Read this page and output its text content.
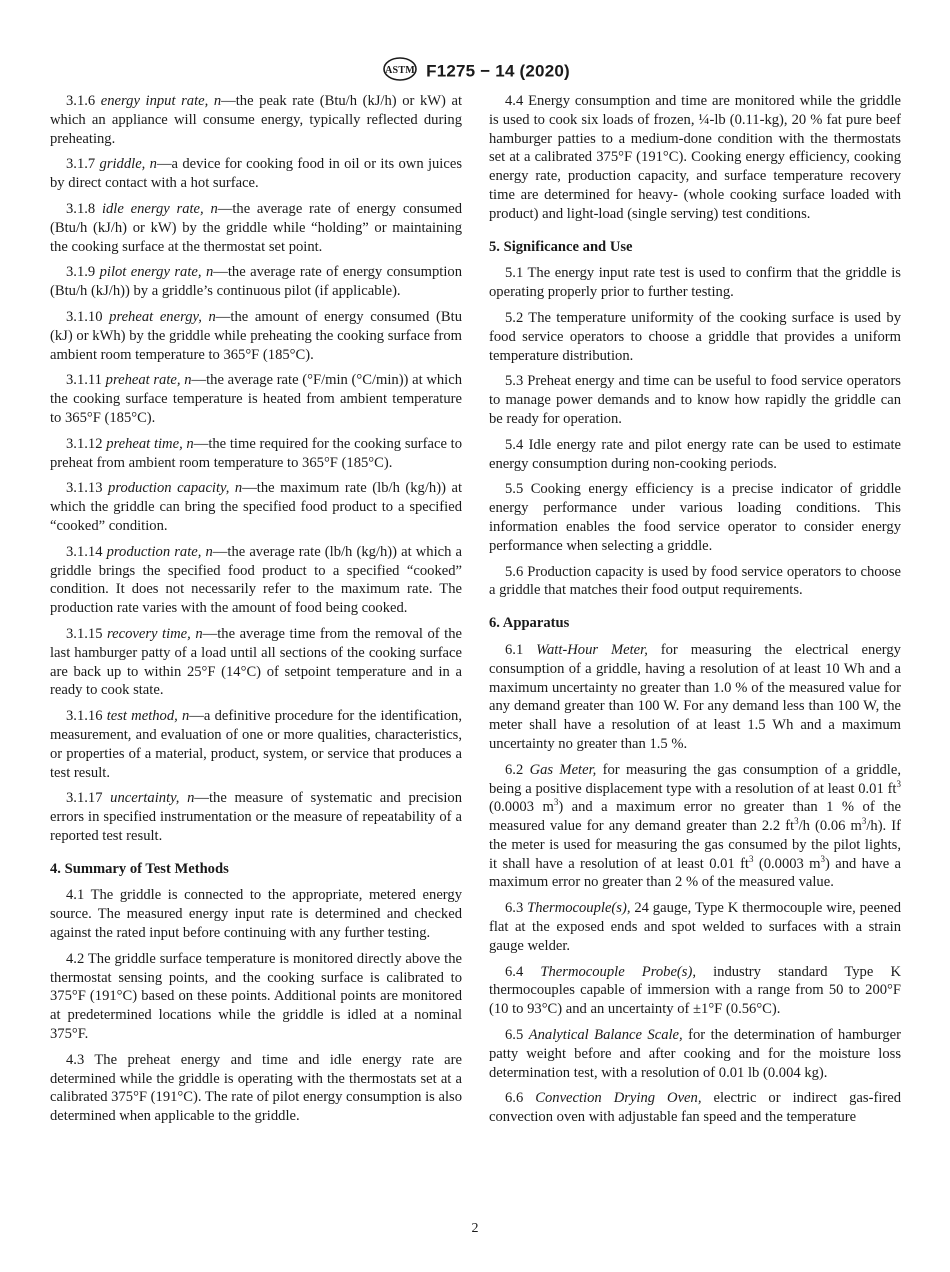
ASTM F1275 − 14 (2020)

3.1.6 energy input rate, n—the peak rate (Btu/h (kJ/h) or kW) at which an appliance will consume energy, typically reflected during preheating.

3.1.7 griddle, n—a device for cooking food in oil or its own juices by direct contact with a hot surface.

3.1.8 idle energy rate, n—the average rate of energy consumed (Btu/h (kJ/h) or kW) by the griddle while “holding” or maintaining the cooking surface at the thermostat set point.

3.1.9 pilot energy rate, n—the average rate of energy consumption (Btu/h (kJ/h)) by a griddle’s continuous pilot (if applicable).

3.1.10 preheat energy, n—the amount of energy consumed (Btu (kJ) or kWh) by the griddle while preheating the cooking surface from ambient room temperature to 365°F (185°C).

3.1.11 preheat rate, n—the average rate (°F/min (°C/min)) at which the cooking surface temperature is heated from ambient temperature to 365°F (185°C).

3.1.12 preheat time, n—the time required for the cooking surface to preheat from ambient room temperature to 365°F (185°C).

3.1.13 production capacity, n—the maximum rate (lb/h (kg/h)) at which the griddle can bring the specified food product to a specified “cooked” condition.

3.1.14 production rate, n—the average rate (lb/h (kg/h)) at which a griddle brings the specified food product to a specified “cooked” condition. It does not necessarily refer to the maximum rate. The production rate varies with the amount of food being cooked.

3.1.15 recovery time, n—the average time from the removal of the last hamburger patty of a load until all sections of the cooking surface are back up to within 25°F (14°C) of setpoint temperature and in a ready to cook state.

3.1.16 test method, n—a definitive procedure for the identification, measurement, and evaluation of one or more qualities, characteristics, or properties of a material, product, system, or service that produces a test result.

3.1.17 uncertainty, n—the measure of systematic and precision errors in specified instrumentation or the measure of repeatability of a reported test result.

4. Summary of Test Methods

4.1 The griddle is connected to the appropriate, metered energy source. The measured energy input rate is determined and checked against the rated input before continuing with any further testing.

4.2 The griddle surface temperature is monitored directly above the thermostat sensing points, and the cooking surface is calibrated to 375°F (191°C) based on these points. Additional points are monitored at predetermined locations while the griddle is idled at a nominal 375°F.

4.3 The preheat energy and time and idle energy rate are determined while the griddle is operating with the thermostats set at a calibrated 375°F (191°C). The rate of pilot energy consumption is also determined when applicable to the griddle.

4.4 Energy consumption and time are monitored while the griddle is used to cook six loads of frozen, ¼-lb (0.11-kg), 20 % fat pure beef hamburger patties to a medium-done condition with the thermostats set at a calibrated 375°F (191°C). Cooking energy efficiency, cooking energy rate, production capacity, and surface temperature recovery time are determined for heavy- (whole cooking surface loaded with product) and light-load (single serving) test conditions.

5. Significance and Use

5.1 The energy input rate test is used to confirm that the griddle is operating properly prior to further testing.

5.2 The temperature uniformity of the cooking surface is used by food service operators to choose a griddle that provides a uniform temperature distribution.

5.3 Preheat energy and time can be useful to food service operators to manage power demands and to know how rapidly the griddle can be ready for operation.

5.4 Idle energy rate and pilot energy rate can be used to estimate energy consumption during non-cooking periods.

5.5 Cooking energy efficiency is a precise indicator of griddle energy performance under various loading conditions. This information enables the food service operator to consider energy performance when selecting a griddle.

5.6 Production capacity is used by food service operators to choose a griddle that matches their food output requirements.

6. Apparatus

6.1 Watt-Hour Meter, for measuring the electrical energy consumption of a griddle, having a resolution of at least 10 Wh and a maximum uncertainty no greater than 1.0 % of the measured value for any demand greater than 100 W. For any demand less than 100 W, the meter shall have a resolution of at least 1.5 Wh and a maximum uncertainty no greater than 1.5 %.

6.2 Gas Meter, for measuring the gas consumption of a griddle, being a positive displacement type with a resolution of at least 0.01 $ft^3$ (0.0003 $m^3$) and a maximum error no greater than 1 % of the measured value for any demand greater than 2.2 $ft^3/h$ (0.06 $m^3/h$). If the meter is used for measuring the gas consumed by the pilot lights, it shall have a resolution of at least 0.01 $ft^3$ (0.0003 $m^3$) and have a maximum error no greater than 2 % of the measured value.

6.3 Thermocouple(s), 24 gauge, Type K thermocouple wire, peened flat at the exposed ends and spot welded to surfaces with a strain gauge welder.

6.4 Thermocouple Probe(s), industry standard Type K thermocouples capable of immersion with a range from 50 to 200°F (10 to 93°C) and an uncertainty of ±1°F (0.56°C).

6.5 Analytical Balance Scale, for the determination of hamburger patty weight before and after cooking and for the moisture loss determination test, with a resolution of 0.01 lb (0.004 kg).

6.6 Convection Drying Oven, electric or indirect gas-fired convection oven with adjustable fan speed and the temperature

2
